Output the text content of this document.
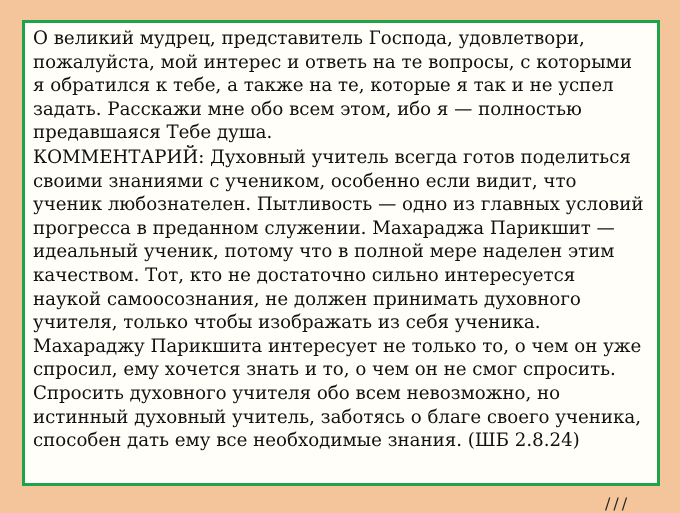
О великий мудрец, представитель Господа, удовлетвори, пожалуйста, мой интерес и ответь на те вопросы, с которыми я обратился к тебе, а также на те, которые я так и не успел задать. Расскажи мне обо всем этом, ибо я — полностью предавшаяся Тебе душа.

КОММЕНТАРИЙ: Духовный учитель всегда готов поделиться своими знаниями с учеником, особенно если видит, что ученик любознателен. Пытливость — одно из главных условий прогресса в преданном служении. Махараджа Парикшит — идеальный ученик, потому что в полной мере наделен этим качеством. Тот, кто не достаточно сильно интересуется наукой самоосознания, не должен принимать духовного учителя, только чтобы изображать из себя ученика. Махараджу Парикшита интересует не только то, о чем он уже спросил, ему хочется знать и то, о чем он не смог спросить. Спросить духовного учителя обо всем невозможно, но истинный духовный учитель, заботясь о благе своего ученика, способен дать ему все необходимые знания. (ШБ 2.8.24)

///
